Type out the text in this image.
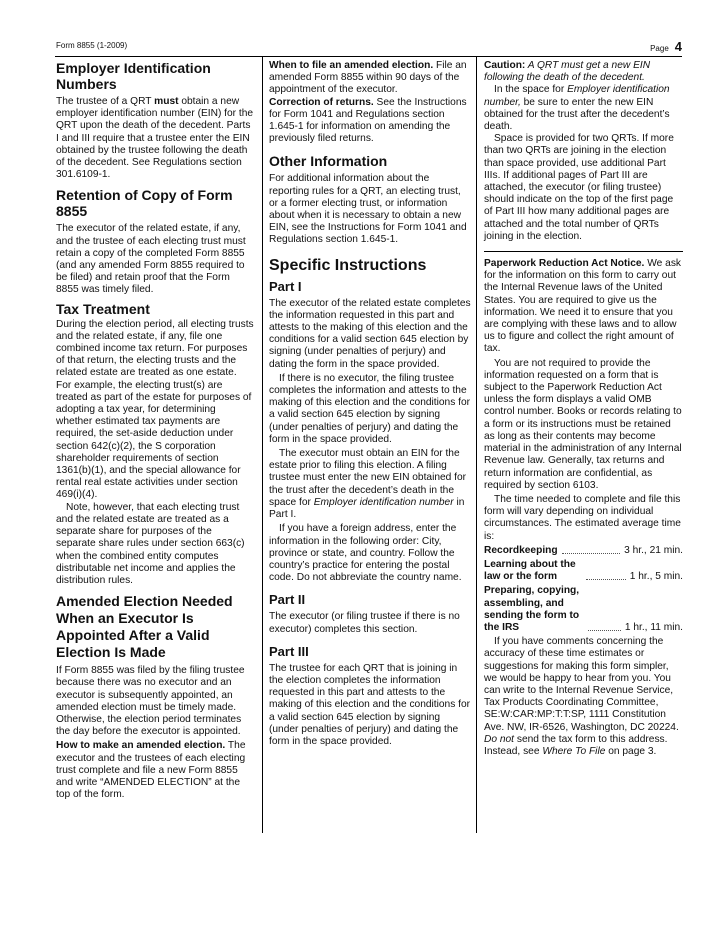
Form 8855 (1-2009)	Page 4
Employer Identification Numbers

The trustee of a QRT must obtain a new employer identification number (EIN) for the QRT upon the death of the decedent. Parts I and III require that a trustee enter the EIN obtained by the trustee following the death of the decedent. See Regulations section 301.6109-1.

Retention of Copy of Form 8855

The executor of the related estate, if any, and the trustee of each electing trust must retain a copy of the completed Form 8855 (and any amended Form 8855 required to be filed) and retain proof that the Form 8855 was timely filed.

Tax Treatment

During the election period, all electing trusts and the related estate, if any, file one combined income tax return. For purposes of that return, the electing trusts and the related estate are treated as one estate. For example, the electing trust(s) are treated as part of the estate for purposes of adopting a tax year, for determining whether estimated tax payments are required, the set-aside deduction under section 642(c)(2), the S corporation shareholder requirements of section 1361(b)(1), and the special allowance for rental real estate activities under section 469(i)(4).

Note, however, that each electing trust and the related estate are treated as a separate share for purposes of the separate share rules under section 663(c) when the combined entity computes distributable net income and applies the distribution rules.

Amended Election Needed When an Executor Is Appointed After a Valid Election Is Made

If Form 8855 was filed by the filing trustee because there was no executor and an executor is subsequently appointed, an amended election must be timely made. Otherwise, the election period terminates the day before the executor is appointed.

How to make an amended election. The executor and the trustees of each electing trust complete and file a new Form 8855 and write “AMENDED ELECTION” at the top of the form.

When to file an amended election. File an amended Form 8855 within 90 days of the appointment of the executor.

Correction of returns. See the Instructions for Form 1041 and Regulations section 1.645-1 for information on amending the previously filed returns.

Other Information

For additional information about the reporting rules for a QRT, an electing trust, or a former electing trust, or information about when it is necessary to obtain a new EIN, see the Instructions for Form 1041 and Regulations section 1.645-1.

Specific Instructions
Part I

The executor of the related estate completes the information requested in this part and attests to the making of this election and the conditions for a valid section 645 election by signing (under penalties of perjury) and dating the form in the space provided.

If there is no executor, the filing trustee completes the information and attests to the making of this election and the conditions for a valid section 645 election by signing (under penalties of perjury) and dating the form in the space provided.

The executor must obtain an EIN for the estate prior to filing this election. A filing trustee must enter the new EIN obtained for the trust after the decedent’s death in the space for Employer identification number in Part I.

If you have a foreign address, enter the information in the following order: City, province or state, and country. Follow the country’s practice for entering the postal code. Do not abbreviate the country name.

Part II

The executor (or filing trustee if there is no executor) completes this section.

Part III

The trustee for each QRT that is joining in the election completes the information requested in this part and attests to the making of this election and the conditions for a valid section 645 election by signing (under penalties of perjury) and dating the form in the space provided.

Caution: A QRT must get a new EIN following the death of the decedent.

In the space for Employer identification number, be sure to enter the new EIN obtained for the trust after the decedent’s death.

Space is provided for two QRTs. If more than two QRTs are joining in the election than space provided, use additional Part IIIs. If additional pages of Part III are attached, the executor (or filing trustee) should indicate on the top of the first page of Part III how many additional pages are attached and the total number of QRTs joining in the election.

Paperwork Reduction Act Notice. We ask for the information on this form to carry out the Internal Revenue laws of the United States. You are required to give us the information. We need it to ensure that you are complying with these laws and to allow us to figure and collect the right amount of tax.

You are not required to provide the information requested on a form that is subject to the Paperwork Reduction Act unless the form displays a valid OMB control number. Books or records relating to a form or its instructions must be retained as long as their contents may become material in the administration of any Internal Revenue law. Generally, tax returns and return information are confidential, as required by section 6103.

The time needed to complete and file this form will vary depending on individual circumstances. The estimated average time is:

Recordkeeping	3 hr., 21 min.
Learning about the law or the form	1 hr., 5 min.
Preparing, copying, assembling, and sending the form to the IRS	1 hr., 11 min.

If you have comments concerning the accuracy of these time estimates or suggestions for making this form simpler, we would be happy to hear from you. You can write to the Internal Revenue Service, Tax Products Coordinating Committee, SE:W:CAR:MP:T:T:SP, 1111 Constitution Ave. NW, IR-6526, Washington, DC 20224. Do not send the tax form to this address. Instead, see Where To File on page 3.
